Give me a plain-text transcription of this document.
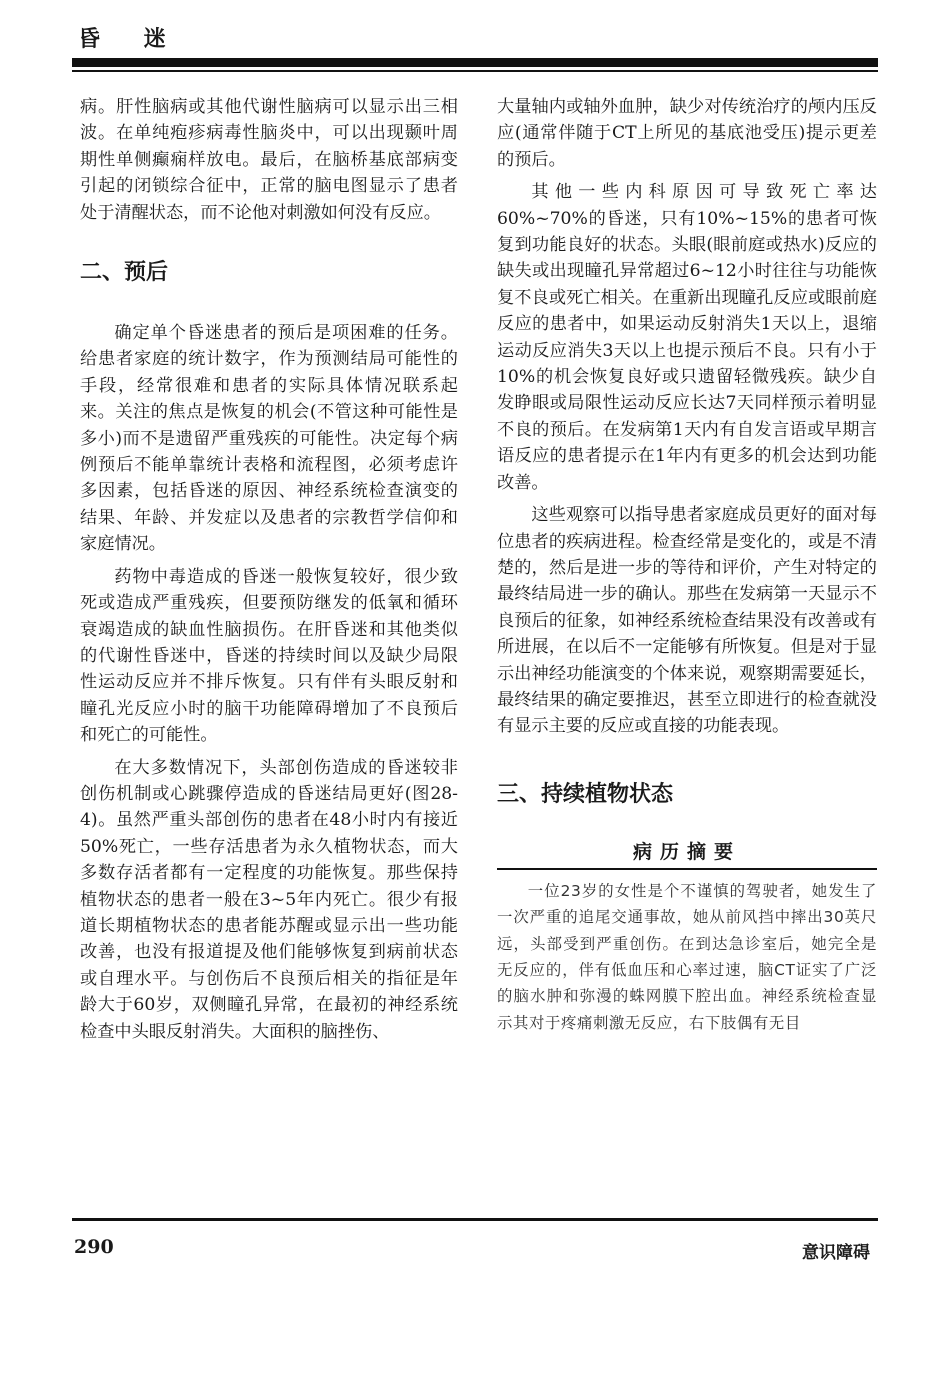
昏 迷

病。肝性脑病或其他代谢性脑病可以显示出三相波。在单纯疱疹病毒性脑炎中，可以出现颞叶周期性单侧癫痫样放电。最后，在脑桥基底部病变引起的闭锁综合征中，正常的脑电图显示了患者处于清醒状态，而不论他对刺激如何没有反应。

二、预后

确定单个昏迷患者的预后是项困难的任务。给患者家庭的统计数字，作为预测结局可能性的手段，经常很难和患者的实际具体情况联系起来。关注的焦点是恢复的机会(不管这种可能性是多小)而不是遗留严重残疾的可能性。决定每个病例预后不能单靠统计表格和流程图，必须考虑许多因素，包括昏迷的原因、神经系统检查演变的结果、年龄、并发症以及患者的宗教哲学信仰和家庭情况。

药物中毒造成的昏迷一般恢复较好，很少致死或造成严重残疾，但要预防继发的低氧和循环衰竭造成的缺血性脑损伤。在肝昏迷和其他类似的代谢性昏迷中，昏迷的持续时间以及缺少局限性运动反应并不排斥恢复。只有伴有头眼反射和瞳孔光反应小时的脑干功能障碍增加了不良预后和死亡的可能性。

在大多数情况下，头部创伤造成的昏迷较非创伤机制或心跳骤停造成的昏迷结局更好(图28-4)。虽然严重头部创伤的患者在48小时内有接近50%死亡，一些存活患者为永久植物状态，而大多数存活者都有一定程度的功能恢复。那些保持植物状态的患者一般在3~5年内死亡。很少有报道长期植物状态的患者能苏醒或显示出一些功能改善，也没有报道提及他们能够恢复到病前状态或自理水平。与创伤后不良预后相关的指征是年龄大于60岁，双侧瞳孔异常，在最初的神经系统检查中头眼反射消失。大面积的脑挫伤、

大量轴内或轴外血肿，缺少对传统治疗的颅内压反应(通常伴随于CT上所见的基底池受压)提示更差的预后。

其他一些内科原因可导致死亡率达60%~70%的昏迷，只有10%~15%的患者可恢复到功能良好的状态。头眼(眼前庭或热水)反应的缺失或出现瞳孔异常超过6~12小时往往与功能恢复不良或死亡相关。在重新出现瞳孔反应或眼前庭反应的患者中，如果运动反射消失1天以上，退缩运动反应消失3天以上也提示预后不良。只有小于10%的机会恢复良好或只遗留轻微残疾。缺少自发睁眼或局限性运动反应长达7天同样预示着明显不良的预后。在发病第1天内有自发言语或早期言语反应的患者提示在1年内有更多的机会达到功能改善。

这些观察可以指导患者家庭成员更好的面对每位患者的疾病进程。检查经常是变化的，或是不清楚的，然后是进一步的等待和评价，产生对特定的最终结局进一步的确认。那些在发病第一天显示不良预后的征象，如神经系统检查结果没有改善或有所进展，在以后不一定能够有所恢复。但是对于显示出神经功能演变的个体来说，观察期需要延长，最终结果的确定要推迟，甚至立即进行的检查就没有显示主要的反应或直接的功能表现。

三、持续植物状态
病历摘要

一位23岁的女性是个不谨慎的驾驶者，她发生了一次严重的追尾交通事故，她从前风挡中摔出30英尺远，头部受到严重创伤。在到达急诊室后，她完全是无反应的，伴有低血压和心率过速，脑CT证实了广泛的脑水肿和弥漫的蛛网膜下腔出血。神经系统检查显示其对于疼痛刺激无反应，右下肢偶有无目

290	意识障碍
